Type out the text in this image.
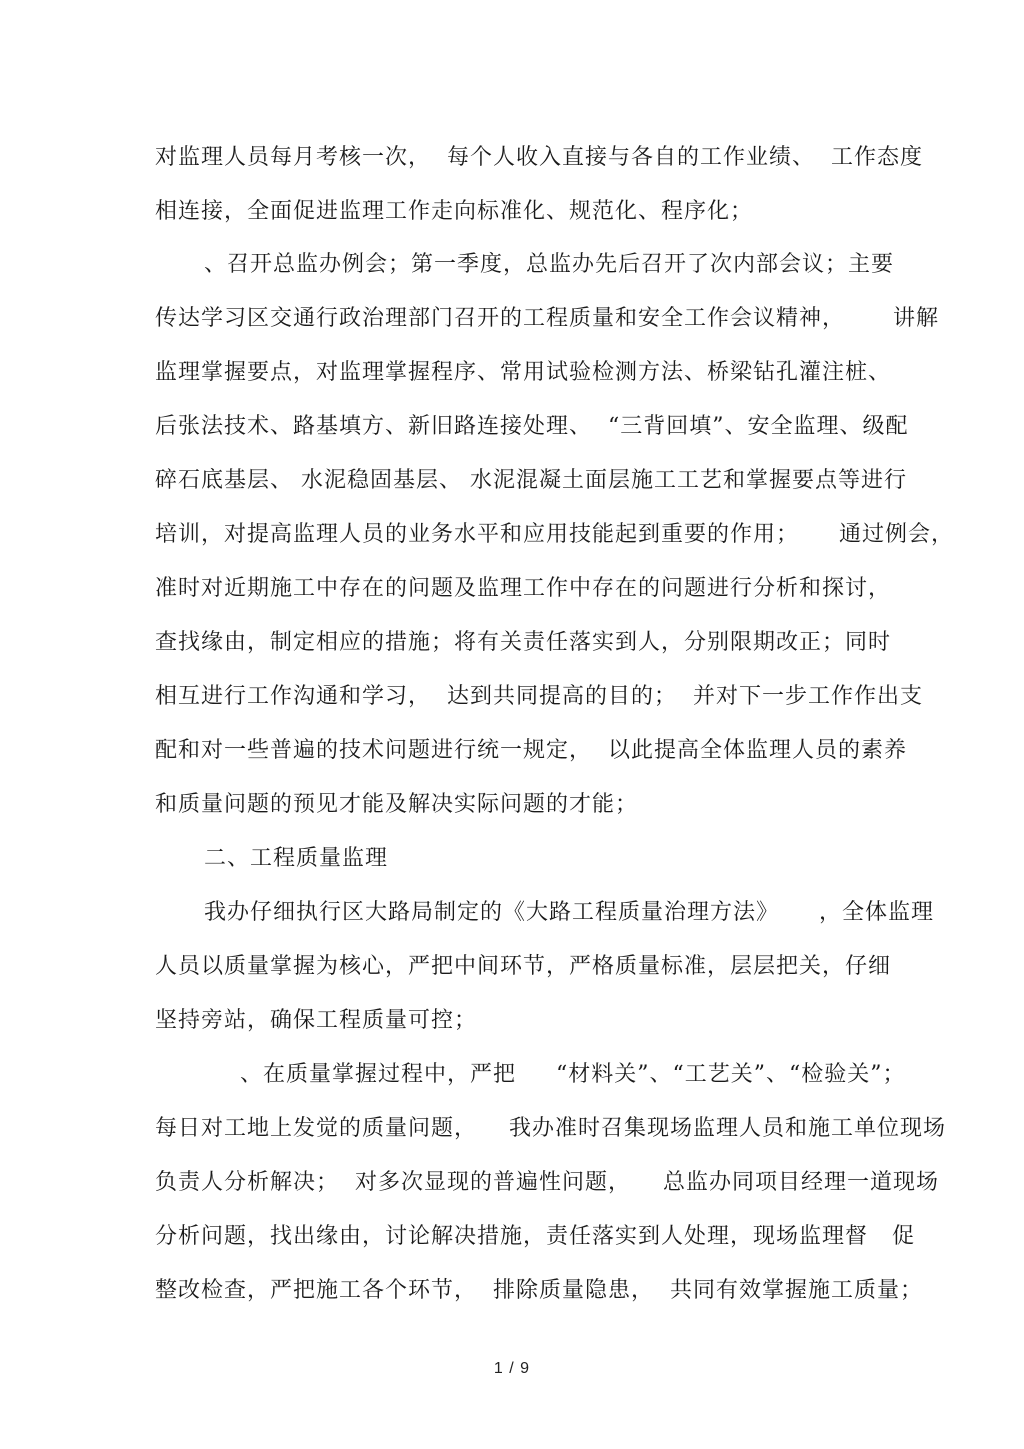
对监理人员每月考核一次，  每个人收入直接与各自的工作业绩、  工作态度
相连接，全面促进监理工作走向标准化、规范化、程序化；
、召开总监办例会；第一季度，总监办先后召开了次内部会议；主要
传达学习区交通行政治理部门召开的工程质量和安全工作会议精神，      讲解
监理掌握要点，对监理掌握程序、常用试验检测方法、桥梁钻孔灌注桩、
后张法技术、路基填方、新旧路连接处理、  “三背回填”、安全监理、级配
碎石底基层、 水泥稳固基层、 水泥混凝土面层施工工艺和掌握要点等进行
培训，对提高监理人员的业务水平和应用技能起到重要的作用；     通过例会，
准时对近期施工中存在的问题及监理工作中存在的问题进行分析和探讨，
查找缘由，制定相应的措施；将有关责任落实到人，分别限期改正；同时
相互进行工作沟通和学习，  达到共同提高的目的；  并对下一步工作作出支
配和对一些普遍的技术问题进行统一规定，  以此提高全体监理人员的素养
和质量问题的预见才能及解决实际问题的才能；
二、工程质量监理
我办仔细执行区大路局制定的《大路工程质量治理方法》     ，全体监理
人员以质量掌握为核心，严把中间环节，严格质量标准，层层把关，仔细
坚持旁站，确保工程质量可控；
、在质量掌握过程中，严把     “材料关”、“工艺关”、“检验关”；
每日对工地上发觉的质量问题，    我办准时召集现场监理人员和施工单位现场
负责人分析解决；  对多次显现的普遍性问题，    总监办同项目经理一道现场
分析问题，找出缘由，讨论解决措施，责任落实到人处理，现场监理督   促
整改检查，严把施工各个环节，  排除质量隐患，  共同有效掌握施工质量；
1 / 9
